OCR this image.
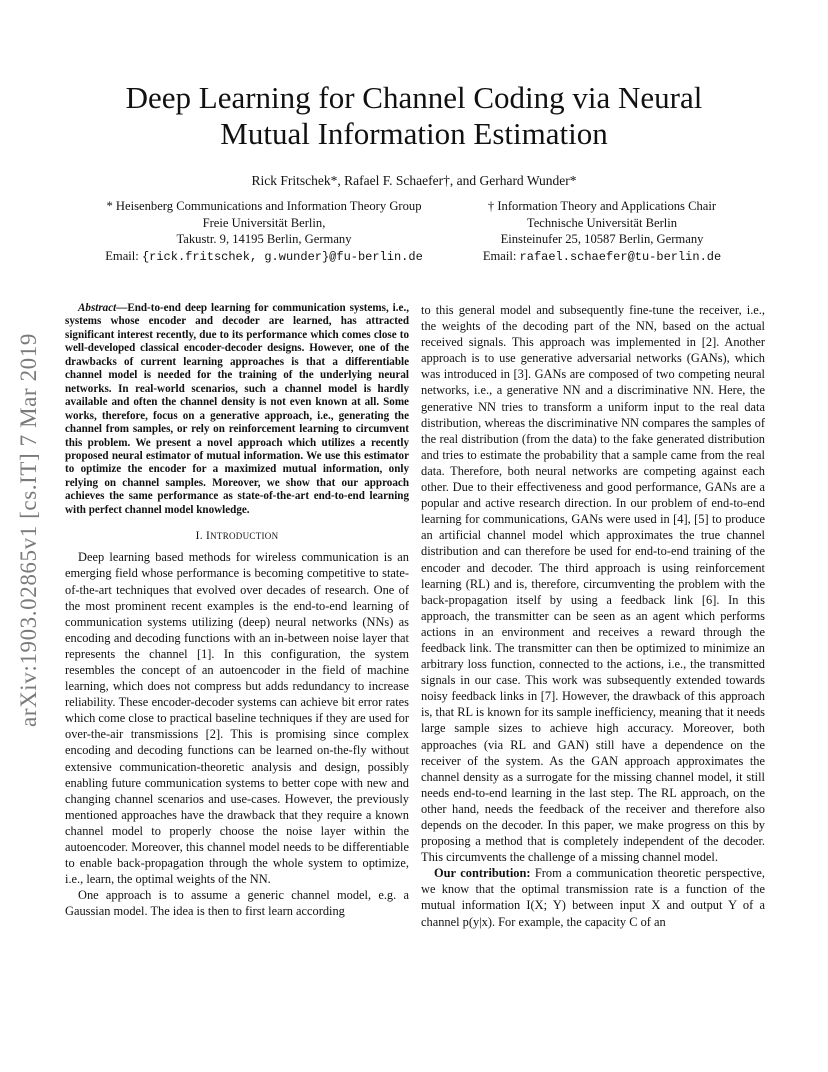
Deep Learning for Channel Coding via Neural
Mutual Information Estimation
Rick Fritschek*, Rafael F. Schaefer†, and Gerhard Wunder*
* Heisenberg Communications and Information Theory Group
Freie Universität Berlin,
Takustr. 9, 14195 Berlin, Germany
Email: {rick.fritschek, g.wunder}@fu-berlin.de
† Information Theory and Applications Chair
Technische Universität Berlin
Einsteinufer 25, 10587 Berlin, Germany
Email: rafael.schaefer@tu-berlin.de
arXiv:1903.02865v1 [cs.IT] 7 Mar 2019

Abstract—End-to-end deep learning for communication systems, i.e., systems whose encoder and decoder are learned, has attracted significant interest recently, due to its performance which comes close to well-developed classical encoder-decoder designs. However, one of the drawbacks of current learning approaches is that a differentiable channel model is needed for the training of the underlying neural networks. In real-world scenarios, such a channel model is hardly available and often the channel density is not even known at all. Some works, therefore, focus on a generative approach, i.e., generating the channel from samples, or rely on reinforcement learning to circumvent this problem. We present a novel approach which utilizes a recently proposed neural estimator of mutual information. We use this estimator to optimize the encoder for a maximized mutual information, only relying on channel samples. Moreover, we show that our approach achieves the same performance as state-of-the-art end-to-end learning with perfect channel model knowledge.

I. INTRODUCTION

Deep learning based methods for wireless communication is an emerging field whose performance is becoming competitive to state-of-the-art techniques that evolved over decades of research. One of the most prominent recent examples is the end-to-end learning of communication systems utilizing (deep) neural networks (NNs) as encoding and decoding functions with an in-between noise layer that represents the channel [1]. In this configuration, the system resembles the concept of an autoencoder in the field of machine learning, which does not compress but adds redundancy to increase reliability. These encoder-decoder systems can achieve bit error rates which come close to practical baseline techniques if they are used for over-the-air transmissions [2]. This is promising since complex encoding and decoding functions can be learned on-the-fly without extensive communication-theoretic analysis and design, possibly enabling future communication systems to better cope with new and changing channel scenarios and use-cases. However, the previously mentioned approaches have the drawback that they require a known channel model to properly choose the noise layer within the autoencoder. Moreover, this channel model needs to be differentiable to enable back-propagation through the whole system to optimize, i.e., learn, the optimal weights of the NN.

One approach is to assume a generic channel model, e.g. a Gaussian model. The idea is then to first learn according

to this general model and subsequently fine-tune the receiver, i.e., the weights of the decoding part of the NN, based on the actual received signals. This approach was implemented in [2]. Another approach is to use generative adversarial networks (GANs), which was introduced in [3]. GANs are composed of two competing neural networks, i.e., a generative NN and a discriminative NN. Here, the generative NN tries to transform a uniform input to the real data distribution, whereas the discriminative NN compares the samples of the real distribution (from the data) to the fake generated distribution and tries to estimate the probability that a sample came from the real data. Therefore, both neural networks are competing against each other. Due to their effectiveness and good performance, GANs are a popular and active research direction. In our problem of end-to-end learning for communications, GANs were used in [4], [5] to produce an artificial channel model which approximates the true channel distribution and can therefore be used for end-to-end training of the encoder and decoder. The third approach is using reinforcement learning (RL) and is, therefore, circumventing the problem with the back-propagation itself by using a feedback link [6]. In this approach, the transmitter can be seen as an agent which performs actions in an environment and receives a reward through the feedback link. The transmitter can then be optimized to minimize an arbitrary loss function, connected to the actions, i.e., the transmitted signals in our case. This work was subsequently extended towards noisy feedback links in [7]. However, the drawback of this approach is, that RL is known for its sample inefficiency, meaning that it needs large sample sizes to achieve high accuracy. Moreover, both approaches (via RL and GAN) still have a dependence on the receiver of the system. As the GAN approach approximates the channel density as a surrogate for the missing channel model, it still needs end-to-end learning in the last step. The RL approach, on the other hand, needs the feedback of the receiver and therefore also depends on the decoder. In this paper, we make progress on this by proposing a method that is completely independent of the decoder. This circumvents the challenge of a missing channel model.

Our contribution: From a communication theoretic perspective, we know that the optimal transmission rate is a function of the mutual information I(X; Y) between input X and output Y of a channel p(y|x). For example, the capacity C of an
